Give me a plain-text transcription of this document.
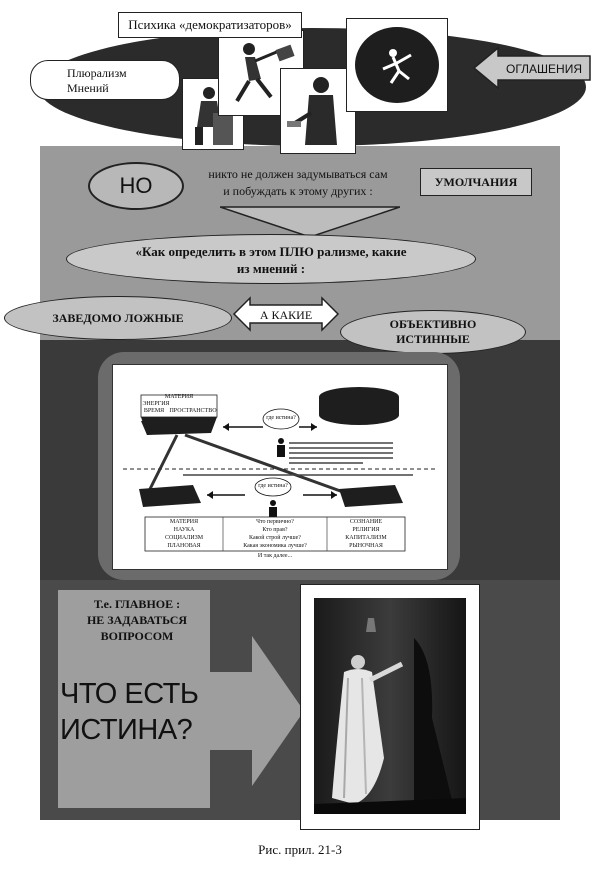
Психика «демократизаторов»
Плюрализм
Мнений
ОГЛАШЕНИЯ
НО	никто не должен задумываться сам
и побуждать к этому других :
УМОЛЧАНИЯ
«Как определить в этом ПЛЮ рализме, какие
из мнений :
ЗАВЕДОМО ЛОЖНЫЕ	А КАКИЕ
ОБЪЕКТИВНО
ИСТИННЫЕ
МАТЕРИЯ
ЭНЕРГИЯ
ВРЕМЯ ПРОСТРАНСТВО
где истина?
где истина?
МАТЕРИЯ	Что первично?	СОЗНАНИЕ
НАУКА	Кто прав?	РЕЛИГИЯ
СОЦИАЛИЗМ	Какой строй лучше?	КАПИТАЛИЗМ
ПЛАНОВАЯ	Какая экономика лучше?	РЫНОЧНАЯ
И так далее...
Т.е. ГЛАВНОЕ :
НЕ ЗАДАВАТЬСЯ
ВОПРОСОМ
ЧТО ЕСТЬ
ИСТИНА?
Рис. прил. 21-3
